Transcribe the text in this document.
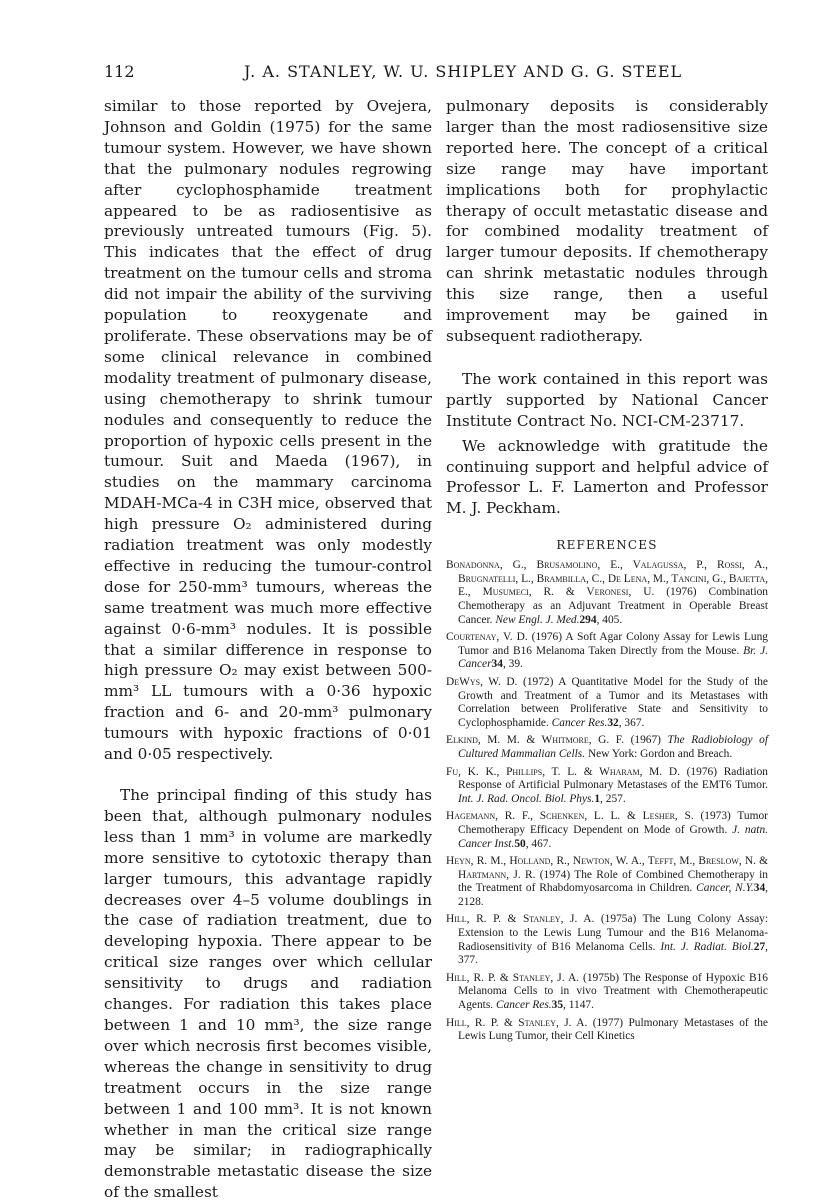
112	J. A. STANLEY, W. U. SHIPLEY AND G. G. STEEL

similar to those reported by Ovejera, Johnson and Goldin (1975) for the same tumour system. However, we have shown that the pulmonary nodules regrowing after cyclophosphamide treatment appeared to be as radiosentisive as previously untreated tumours (Fig. 5). This indicates that the effect of drug treatment on the tumour cells and stroma did not impair the ability of the surviving population to reoxygenate and proliferate. These observations may be of some clinical relevance in combined modality treatment of pulmonary disease, using chemotherapy to shrink tumour nodules and consequently to reduce the proportion of hypoxic cells present in the tumour. Suit and Maeda (1967), in studies on the mammary carcinoma MDAH-MCa-4 in C3H mice, observed that high pressure O₂ administered during radiation treatment was only modestly effective in reducing the tumour-control dose for 250-mm³ tumours, whereas the same treatment was much more effective against 0·6-mm³ nodules. It is possible that a similar difference in response to high pressure O₂ may exist between 500-mm³ LL tumours with a 0·36 hypoxic fraction and 6- and 20-mm³ pulmonary tumours with hypoxic fractions of 0·01 and 0·05 respectively.

The principal finding of this study has been that, although pulmonary nodules less than 1 mm³ in volume are markedly more sensitive to cytotoxic therapy than larger tumours, this advantage rapidly decreases over 4–5 volume doublings in the case of radiation treatment, due to developing hypoxia. There appear to be critical size ranges over which cellular sensitivity to drugs and radiation changes. For radiation this takes place between 1 and 10 mm³, the size range over which necrosis first becomes visible, whereas the change in sensitivity to drug treatment occurs in the size range between 1 and 100 mm³. It is not known whether in man the critical size range may be similar; in radiographically demonstrable metastatic disease the size of the smallest

pulmonary deposits is considerably larger than the most radiosensitive size reported here. The concept of a critical size range may have important implications both for prophylactic therapy of occult metastatic disease and for combined modality treatment of larger tumour deposits. If chemotherapy can shrink metastatic nodules through this size range, then a useful improvement may be gained in subsequent radiotherapy.

The work contained in this report was partly supported by National Cancer Institute Contract No. NCI-CM-23717.

We acknowledge with gratitude the continuing support and helpful advice of Professor L. F. Lamerton and Professor M. J. Peckham.

REFERENCES

Bonadonna, G., Brusamolino, E., Valagussa, P., Rossi, A., Brugnatelli, L., Brambilla, C., De Lena, M., Tancini, G., Bajetta, E., Musumeci, R. & Veronesi, U. (1976) Combination Chemotherapy as an Adjuvant Treatment in Operable Breast Cancer. New Engl. J. Med.294, 405.

Courtenay, V. D. (1976) A Soft Agar Colony Assay for Lewis Lung Tumor and B16 Melanoma Taken Directly from the Mouse. Br. J. Cancer34, 39.

DeWys, W. D. (1972) A Quantitative Model for the Study of the Growth and Treatment of a Tumor and its Metastases with Correlation between Proliferative State and Sensitivity to Cyclophosphamide. Cancer Res.32, 367.

Elkind, M. M. & Whitmore, G. F. (1967) The Radiobiology of Cultured Mammalian Cells. New York: Gordon and Breach.

Fu, K. K., Phillips, T. L. & Wharam, M. D. (1976) Radiation Response of Artificial Pulmonary Metastases of the EMT6 Tumor. Int. J. Rad. Oncol. Biol. Phys.1, 257.

Hagemann, R. F., Schenken, L. L. & Lesher, S. (1973) Tumor Chemotherapy Efficacy Dependent on Mode of Growth. J. natn. Cancer Inst.50, 467.

Heyn, R. M., Holland, R., Newton, W. A., Tefft, M., Breslow, N. & Hartmann, J. R. (1974) The Role of Combined Chemotherapy in the Treatment of Rhabdomyosarcoma in Children. Cancer, N.Y.34, 2128.

Hill, R. P. & Stanley, J. A. (1975a) The Lung Colony Assay: Extension to the Lewis Lung Tumour and the B16 Melanoma-Radiosensitivity of B16 Melanoma Cells. Int. J. Radiat. Biol.27, 377.

Hill, R. P. & Stanley, J. A. (1975b) The Response of Hypoxic B16 Melanoma Cells to in vivo Treatment with Chemotherapeutic Agents. Cancer Res.35, 1147.

Hill, R. P. & Stanley, J. A. (1977) Pulmonary Metastases of the Lewis Lung Tumor, their Cell Kinetics
